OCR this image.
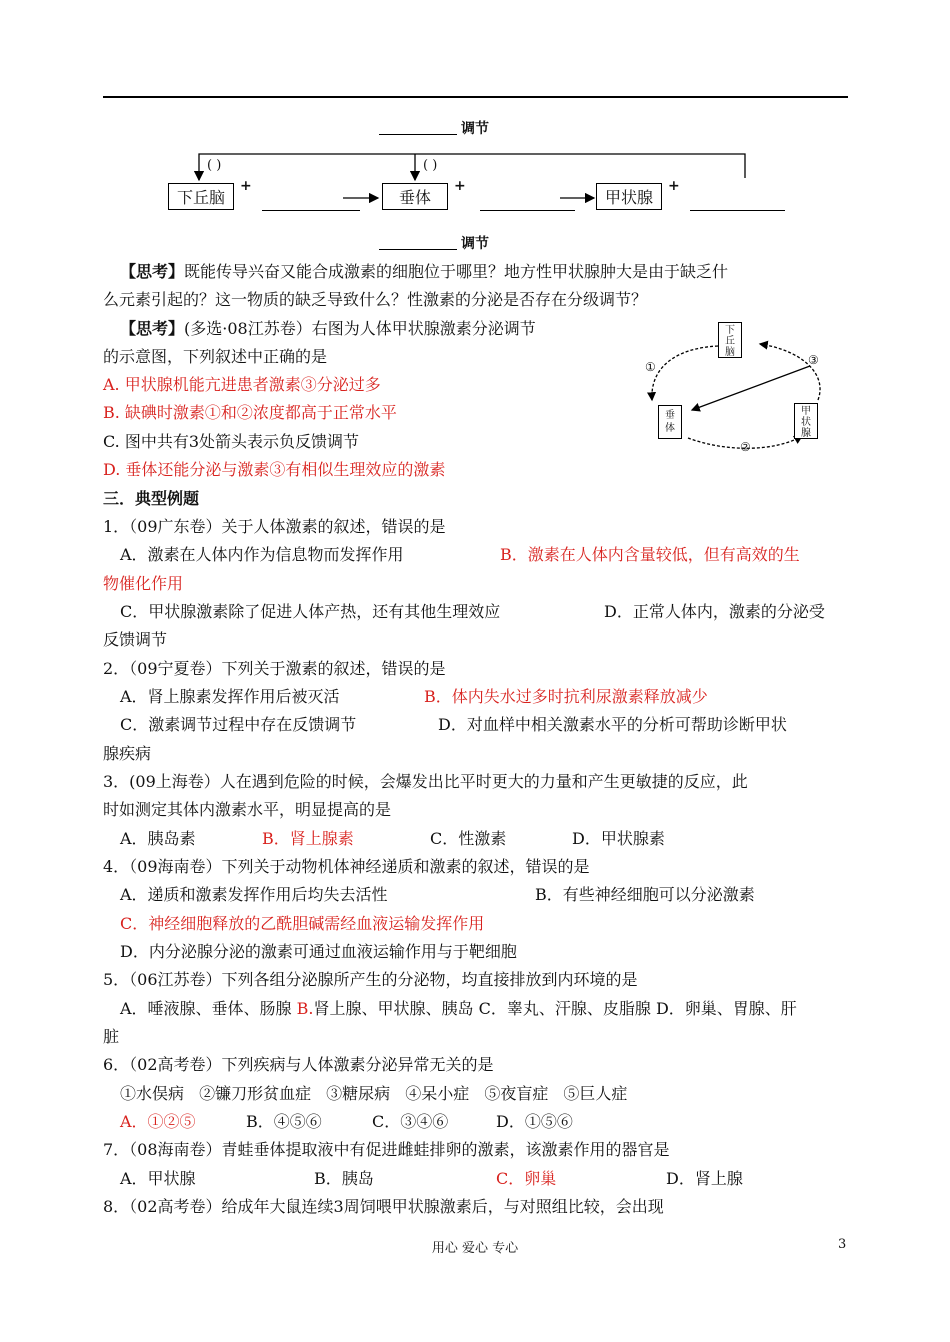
调节
( )	( )
下丘脑	垂体	甲状腺
+	+	+
调节
【思考】既能传导兴奋又能合成激素的细胞位于哪里？地方性甲状腺肿大是由于缺乏什
么元素引起的？这一物质的缺乏导致什么？性激素的分泌是否存在分级调节？
【思考】(多选·08江苏卷）右图为人体甲状腺激素分泌调节
的示意图，下列叙述中正确的是
A. 甲状腺机能亢进患者激素③分泌过多
B. 缺碘时激素①和②浓度都高于正常水平
C. 图中共有3处箭头表示负反馈调节
D. 垂体还能分泌与激素③有相似生理效应的激素
下
丘
脑
垂
体
甲
状
腺
①
②
③
三．典型例题
1．（09广东卷）关于人体激素的叙述，错误的是
A．激素在人体内作为信息物而发挥作用	B．激素在人体内含量较低，但有高效的生
物催化作用
C．甲状腺激素除了促进人体产热，还有其他生理效应	D．正常人体内，激素的分泌受
反馈调节
2．（09宁夏卷）下列关于激素的叙述，错误的是
A．肾上腺素发挥作用后被灭活	B．体内失水过多时抗利尿激素释放减少
C．激素调节过程中存在反馈调节	D．对血样中相关激素水平的分析可帮助诊断甲状
腺疾病
3．(09上海卷）人在遇到危险的时候，会爆发出比平时更大的力量和产生更敏捷的反应，此
时如测定其体内激素水平，明显提高的是
A．胰岛素	B．肾上腺素	C．性激素	D．甲状腺素
4．（09海南卷）下列关于动物机体神经递质和激素的叙述，错误的是
A．递质和激素发挥作用后均失去活性	B．有些神经细胞可以分泌激素
C．神经细胞释放的乙酰胆碱需经血液运输发挥作用
D．内分泌腺分泌的激素可通过血液运输作用与于靶细胞
5．（06江苏卷）下列各组分泌腺所产生的分泌物，均直接排放到内环境的是
A．唾液腺、垂体、肠腺 B.肾上腺、甲状腺、胰岛 C．睾丸、汗腺、皮脂腺 D．卵巢、胃腺、肝
脏
6．（02高考卷）下列疾病与人体激素分泌异常无关的是
①水俣病 ②镰刀形贫血症 ③糖尿病 ④呆小症 ⑤夜盲症 ⑤巨人症
A．①②⑤	B．④⑤⑥	C．③④⑥	D．①⑤⑥
7．（08海南卷）青蛙垂体提取液中有促进雌蛙排卵的激素，该激素作用的器官是
A．甲状腺	B．胰岛	C．卵巢	D．肾上腺
8．（02高考卷）给成年大鼠连续3周饲喂甲状腺激素后，与对照组比较，会出现
用心 爱心 专心	3
